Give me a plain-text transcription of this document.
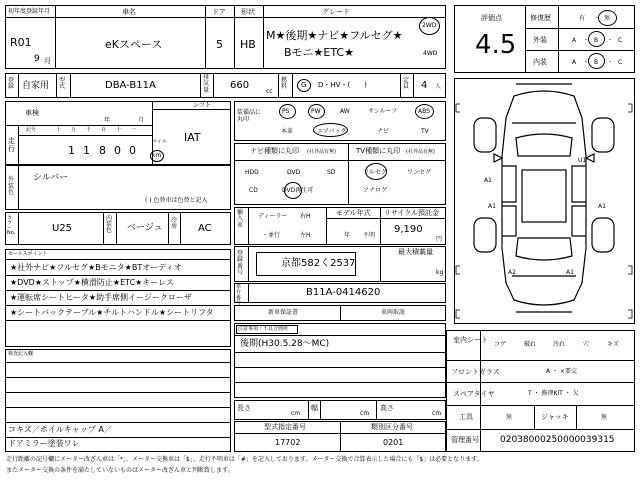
初年度登録年月
R01
9 月
車名
eKスペース
ドア
5
形状
HB
グレード
M★後期★ナビ★フルセグ★
Bモニ★ETC★
2WD
4WD
評価点
4.5
修復歴	有 ・ 無
外装	A ・ B ・ C
内装	A ・ B ・ C
登録 自家用
型式	DBA-B11A
排気量 660
cc
燃料 G D・HV・(　　)
定員 4 人
車検
年	月
シフト
IAT
走行
記号	十 万 千 百 十 一
1 1 8 0 0
マイル
km
外装色
シルバー
( ) 色替車は色替と記入
カラーNo.	U25
内装色 ベージュ
冷房 AC
セールスポイント
★社外ナビ★フルセグ★Bモニタ★BTオーディオ
★DVD★ストップ★横滑防止★ETC★キーレス
★運転席シートヒータ★助手席側イージークローザ
★シートバックテーブル★チルトハンドル★シートリフタ
検査記入欄
コキズ／ホイルキャップ A／
ドアミラー塗装ワレ
装備品に丸印
PS	PW	AW	サンルーフ	ABS
本革	エアバック	ナビ	TV
ナビ種類に丸印 (社外品有無)
HDD	DVD	SD
CD	DVD再生可
TV種類に丸印 (社外品有無)
フルセグ	ワンセグ
アナログ
輸入車
ディーラー
・並行
右H
左H
モデル年式
年 不明
リサイクル預託金
9,190
円
登録番号
京都582く2537
最大積載量
kg
車台番号
B11A-0414620
新車保証書	車両取説
注意事項・不具合箇所
後期(H30.5.28〜MC)
長さ
cm
幅
cm
高さ
cm
型式指定番号
17702
類別区分番号
0201
U1
A1
A1	A1
A2	A1
室内シート
コゲ	破れ	汚れ	穴	キズ
フロントガラス	A ・ ×要交
スペアタイヤ	T ・ 修理KIT ・ 欠
工具	無	ジャッキ	無
管理番号 02038000250000039315
走行距離の記号欄にメーター改ざん車は「*」、メーター交換車は「$」、走行不明車は「#」を記入しております。メーター交換で合算表示した場合にも「$」は必要となります。
またメーター交換の条件を満たしていないものはメーター改ざん車と判断致します。
